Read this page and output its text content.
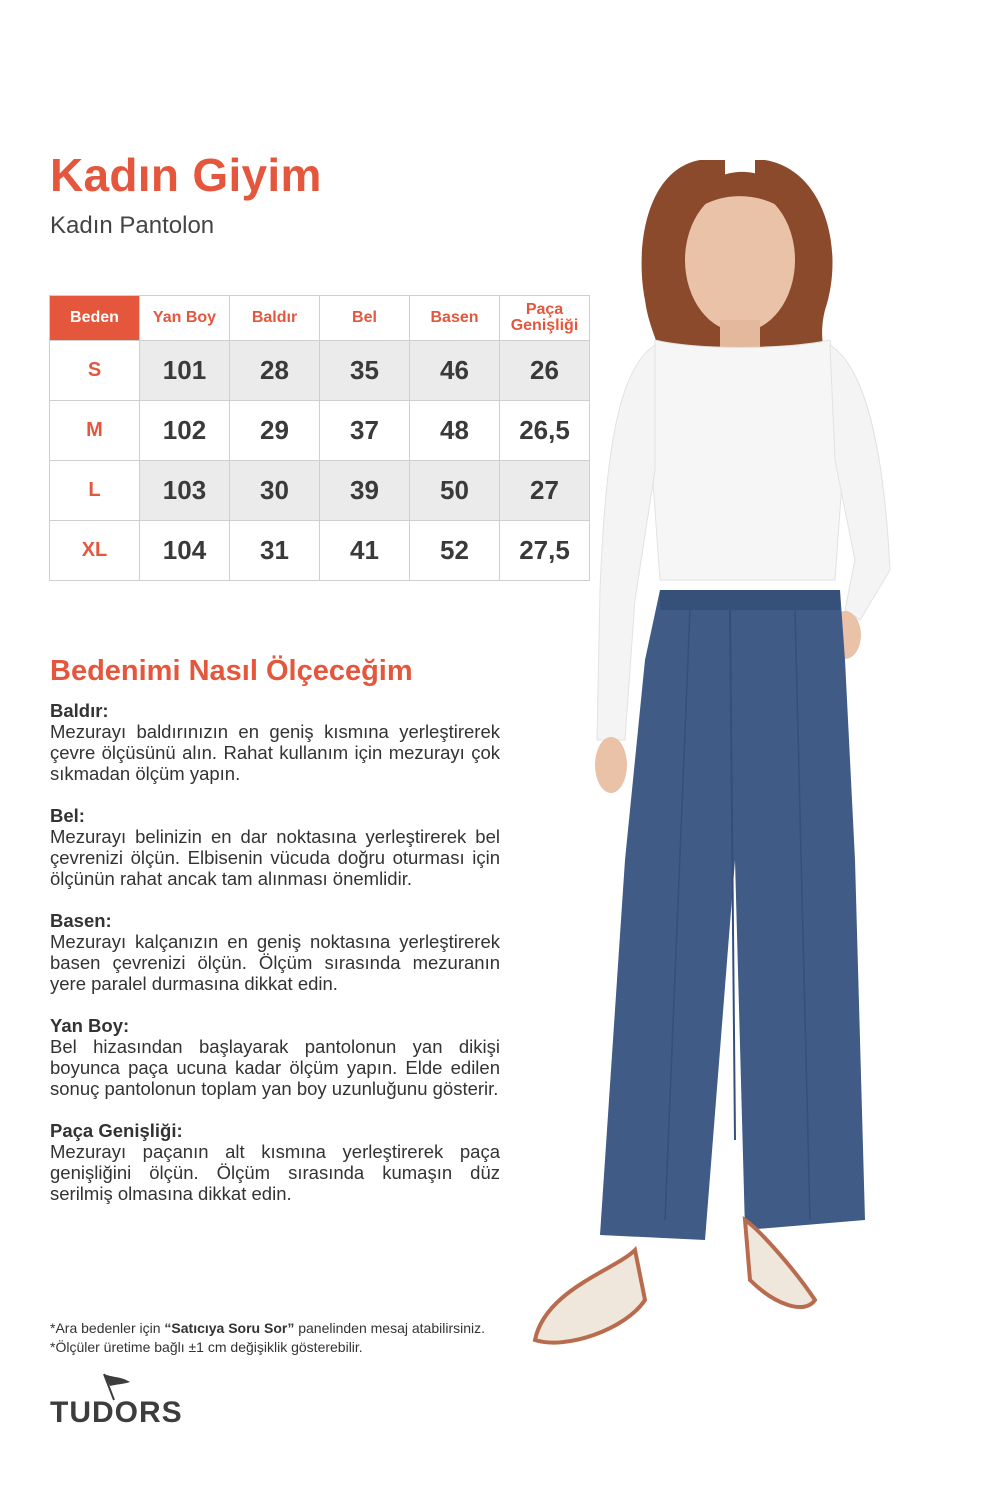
Kadın Giyim
Kadın Pantolon
Beden	Yan Boy	Baldır	Bel	Basen	Paça
Genişliği
S	101	28	35	46	26
M	102	29	37	48	26,5
L	103	30	39	50	27
XL	104	31	41	52	27,5
Bedenimi Nasıl Ölçeceğim
Baldır:
Mezurayı baldırınızın en geniş kısmına yerleştirerek çevre ölçüsünü alın. Rahat kullanım için mezurayı çok sıkmadan ölçüm yapın.
Bel:
Mezurayı belinizin en dar noktasına yerleştirerek bel çevrenizi ölçün. Elbisenin vücuda doğru oturması için ölçünün rahat ancak tam alınması önemlidir.
Basen:
Mezurayı kalçanızın en geniş noktasına yerleştirerek basen çevrenizi ölçün. Ölçüm sırasında mezuranın yere paralel durmasına dikkat edin.
Yan Boy:
Bel hizasından başlayarak pantolonun yan dikişi boyunca paça ucuna kadar ölçüm yapın. Elde edilen sonuç pantolonun toplam yan boy uzunluğunu gösterir.
Paça Genişliği:
Mezurayı paçanın alt kısmına yerleştirerek paça genişliğini ölçün. Ölçüm sırasında kumaşın düz serilmiş olmasına dikkat edin.
*Ara bedenler için “Satıcıya Soru Sor” panelinden mesaj atabilirsiniz.
*Ölçüler üretime bağlı ±1 cm değişiklik gösterebilir.
TUDORS
